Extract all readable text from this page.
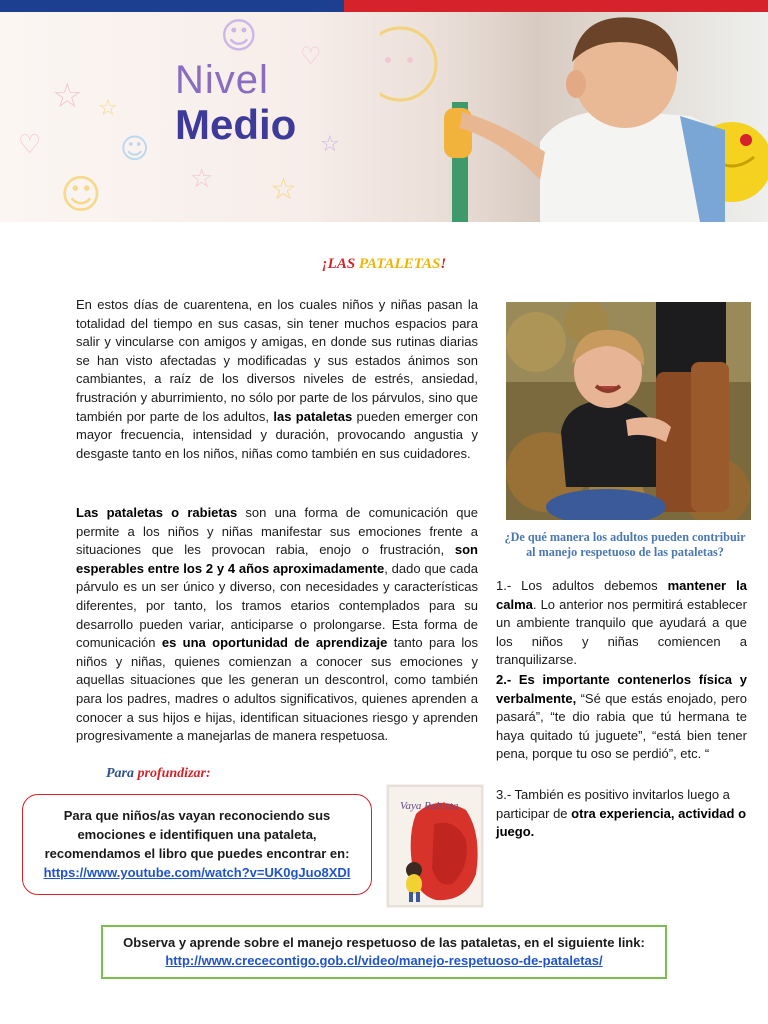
☆ ☆
☆
☆
☆
♡
♡
☺
☺
☺
Nivel
Medio
¡LAS PATALETAS!
En estos días de cuarentena, en los cuales niños y niñas pasan la totalidad del tiempo en sus casas, sin tener muchos espacios para salir y vincularse con amigos y amigas, en donde sus rutinas diarias se han visto afectadas y modificadas y sus estados ánimos son cambiantes, a raíz de los diversos niveles de estrés, ansiedad, frustración y aburrimiento, no sólo por parte de los párvulos, sino que también por parte de los adultos, las pataletas pueden emerger con mayor frecuencia, intensidad y duración, provocando angustia y desgaste tanto en los niños, niñas como también en sus cuidadores.
Las pataletas o rabietas son una forma de comunicación que permite a los niños y niñas manifestar sus emociones frente a situaciones que les provocan rabia, enojo o frustración, son esperables entre los 2 y 4 años aproximadamente, dado que cada párvulo es un ser único y diverso, con necesidades y características diferentes, por tanto, los tramos etarios contemplados para su desarrollo pueden variar, anticiparse o prolongarse. Esta forma de comunicación es una oportunidad de aprendizaje tanto para los niños y niñas, quienes comienzan a conocer sus emociones y aquellas situaciones que les generan un descontrol, como también para los padres, madres o adultos significativos, quienes aprenden a conocer a sus hijos e hijas, identifican situaciones riesgo y aprenden progresivamente a manejarlas de manera respetuosa.
¿De qué manera los adultos pueden contribuir al manejo respetuoso de las pataletas?
1.- Los adultos debemos mantener la calma. Lo anterior nos permitirá establecer un ambiente tranquilo que ayudará a que los niños y niñas comiencen a tranquilizarse.
2.- Es importante contenerlos física y verbalmente, “Sé que estás enojado, pero pasará”, “te dio rabia que tú hermana te haya quitado tú juguete”, “está bien tener pena, porque tu oso se perdió”, etc. “
3.- También es positivo invitarlos luego a participar de otra experiencia, actividad o juego.
Para profundizar:
Para que niños/as vayan reconociendo sus
emociones e identifiquen una pataleta,
recomendamos el libro que puedes encontrar en:
https://www.youtube.com/watch?v=UK0gJuo8XDI
Vaya Rabieta
Observa y aprende sobre el manejo respetuoso de las pataletas, en el siguiente link:
http://www.crececontigo.gob.cl/video/manejo-respetuoso-de-pataletas/
